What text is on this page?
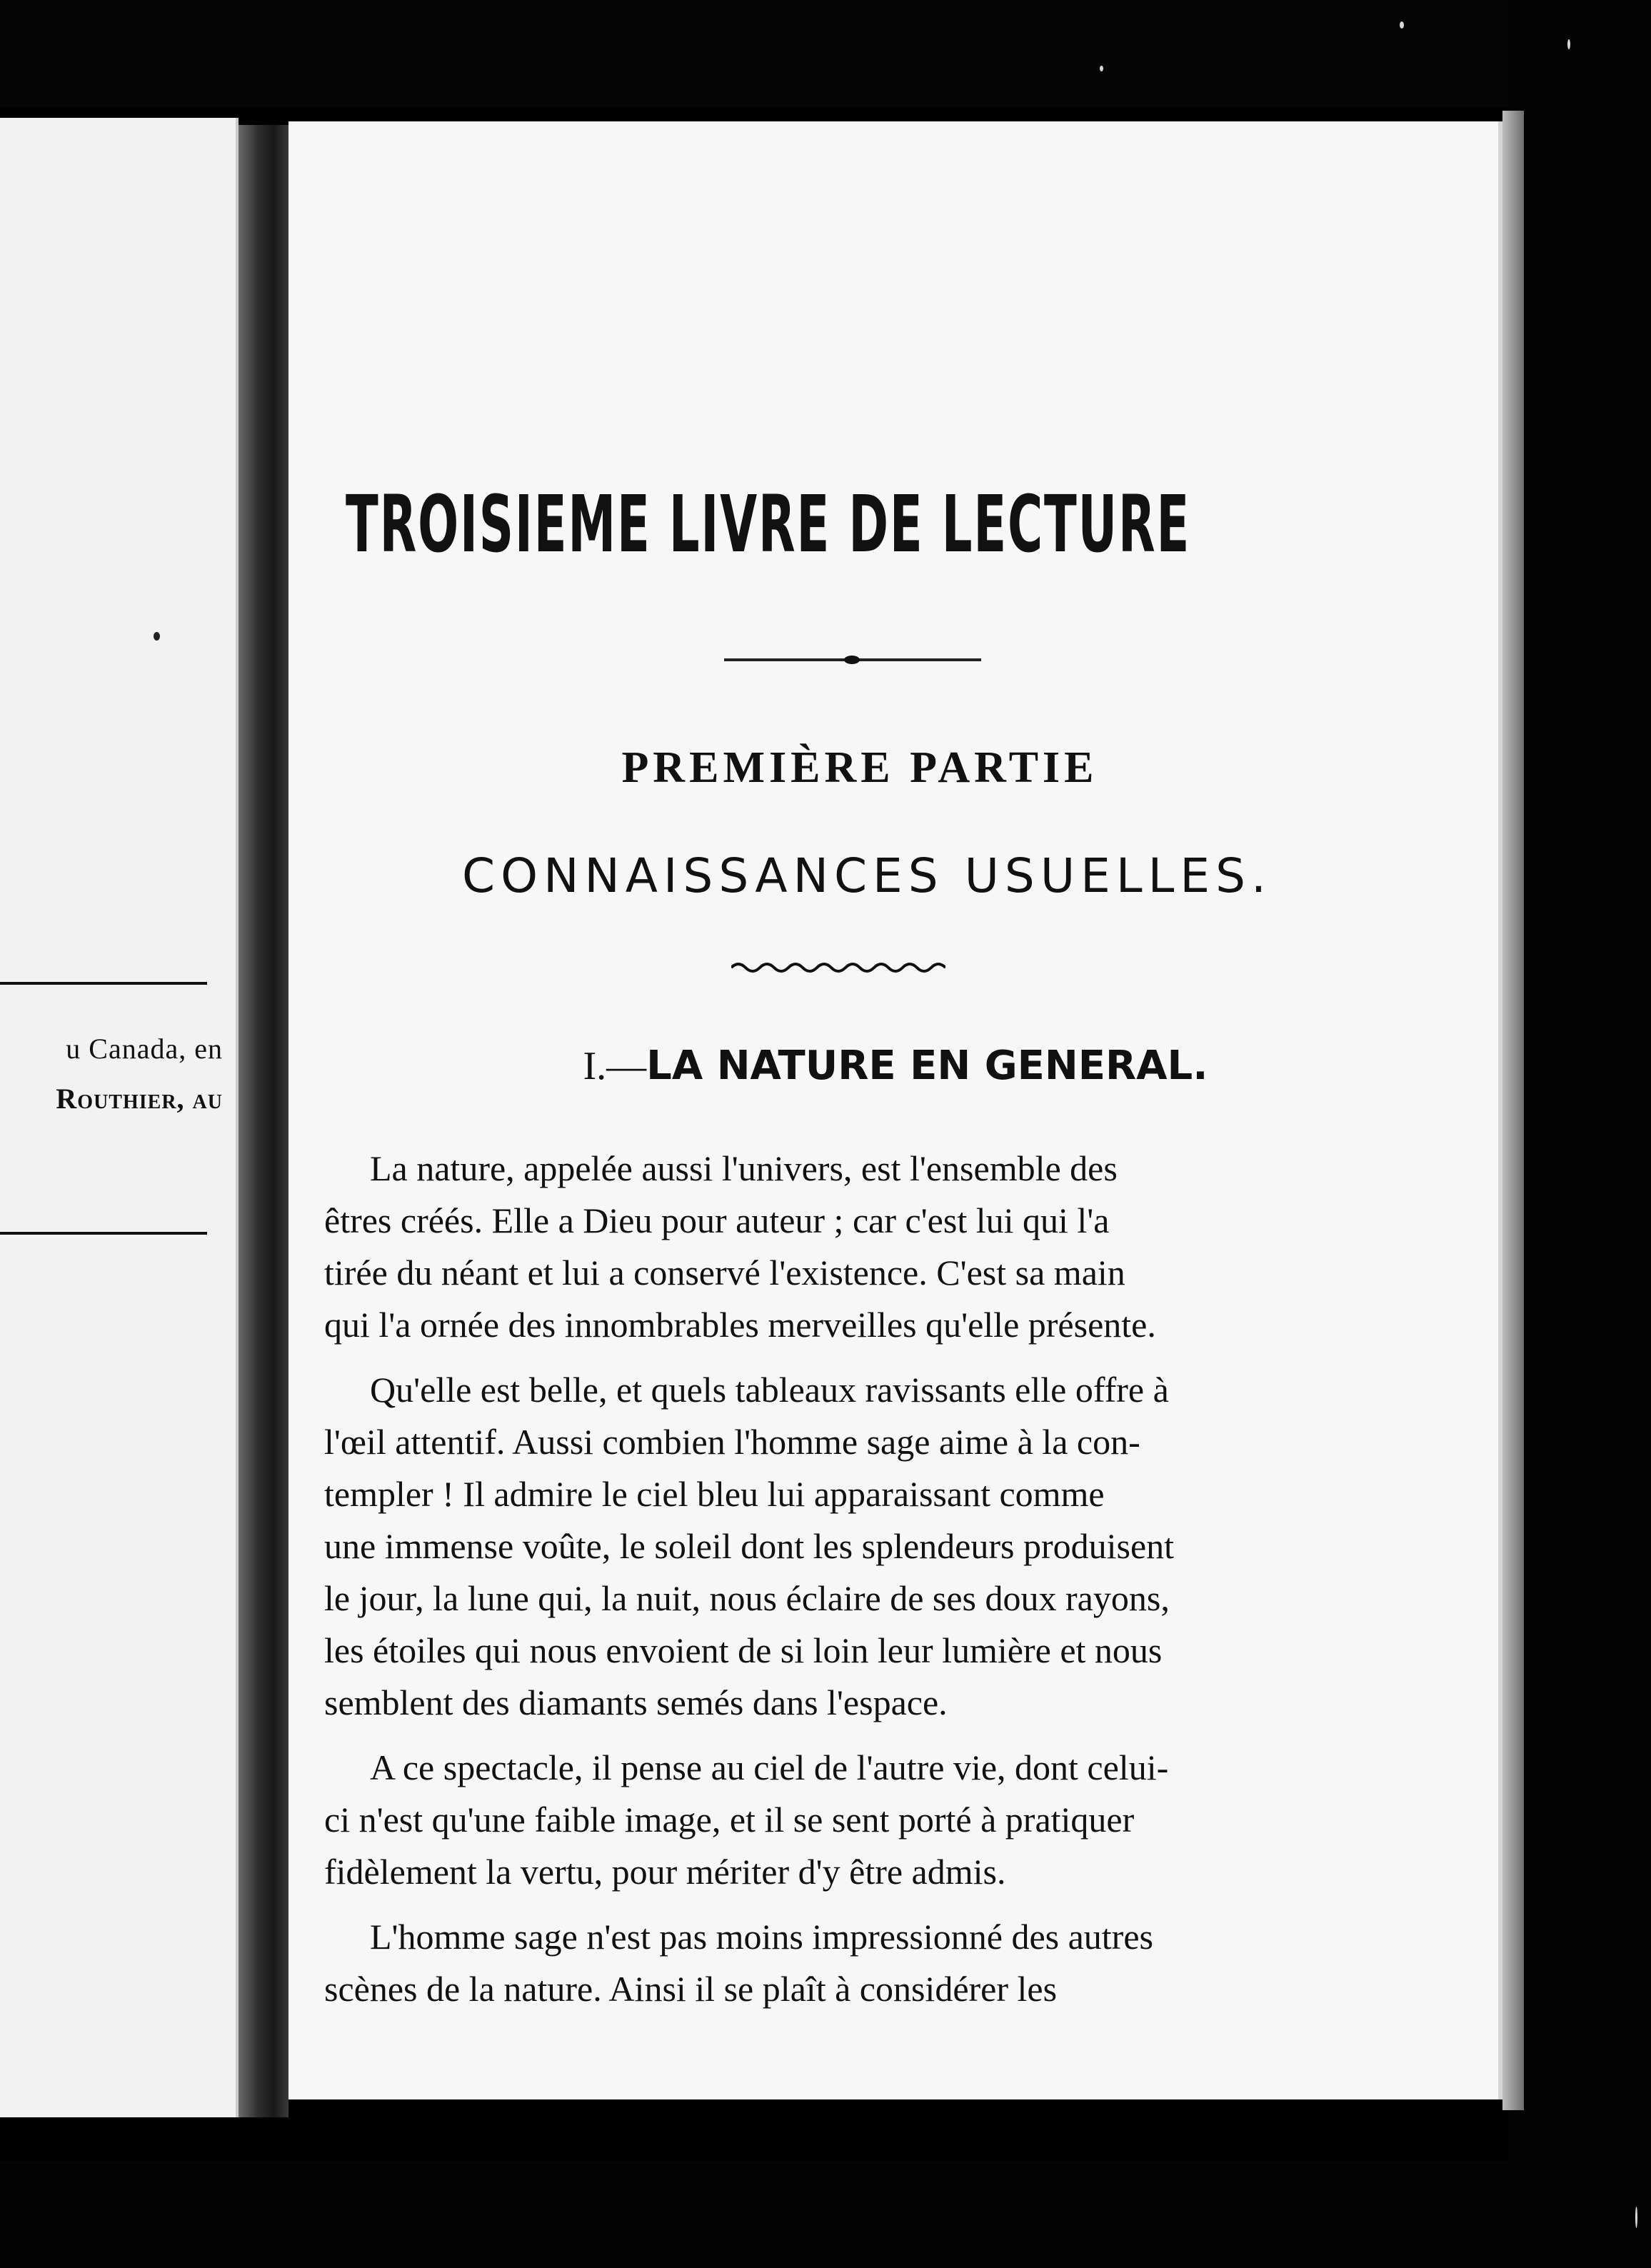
u Canada, en
Routhier, au
TROISIEME LIVRE DE LECTURE
PREMIÈRE PARTIE
CONNAISSANCES USUELLES.
I.—LA NATURE EN GENERAL.

La nature, appelée aussi l'univers, est l'ensemble des
êtres créés. Elle a Dieu pour auteur ; car c'est lui qui l'a
tirée du néant et lui a conservé l'existence. C'est sa main
qui l'a ornée des innombrables merveilles qu'elle présente.

Qu'elle est belle, et quels tableaux ravissants elle offre à
l'œil attentif. Aussi combien l'homme sage aime à la con-
templer ! Il admire le ciel bleu lui apparaissant comme
une immense voûte, le soleil dont les splendeurs produisent
le jour, la lune qui, la nuit, nous éclaire de ses doux rayons,
les étoiles qui nous envoient de si loin leur lumière et nous
semblent des diamants semés dans l'espace.

A ce spectacle, il pense au ciel de l'autre vie, dont celui-
ci n'est qu'une faible image, et il se sent porté à pratiquer
fidèlement la vertu, pour mériter d'y être admis.

L'homme sage n'est pas moins impressionné des autres
scènes de la nature. Ainsi il se plaît à considérer les
